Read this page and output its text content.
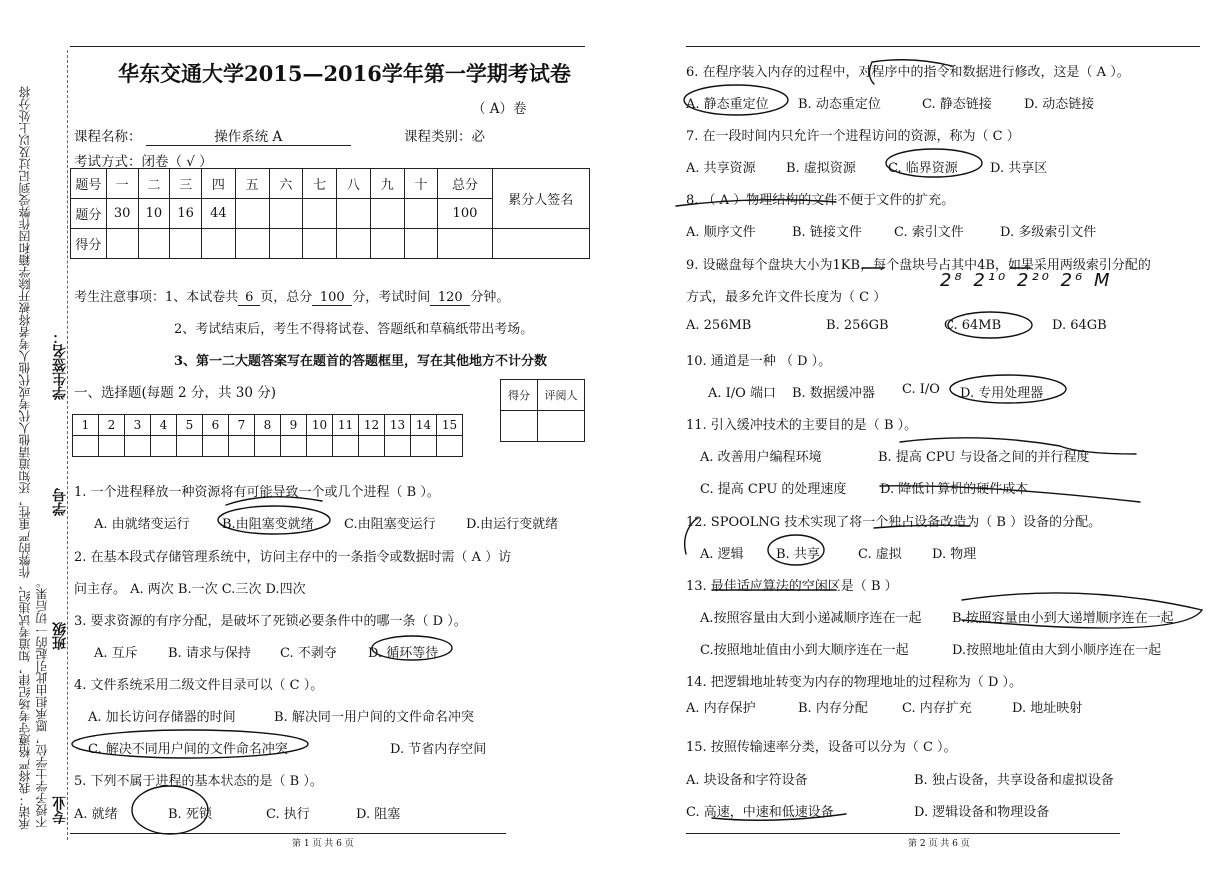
承诺：我将严格遵守考场纪律，知道考试违纪、作弊的严重性，还知道请他人代考或代他人考者将被开除学籍和因作弊受到记过及以上处分将 不授予学士学位，愿承担由此引起的一切后果。
学生签名：
学号
班级
专业
华东交通大学2015—2016学年第一学期考试卷
（ A）卷
课程名称：	操作系统 A	课程类别：必
考试方式：闭卷（ √ ）
题号	一	二	三	四	五	六	七	八	九	十	总分	累分人签名
题分	30	10	16	44							100	
得分												
考生注意事项：1、本试卷共 6 页，总分 100 分，考试时间 120 分钟。
2、考试结束后，考生不得将试卷、答题纸和草稿纸带出考场。
3、第一二大题答案写在题首的答题框里，写在其他地方不计分数
一、选择题(每题 2 分，共 30 分)	得分	评阅人

1	2	3	4	5	6	7	8	9	10	11	12	13	14	15

1. 一个进程释放一种资源将有可能导致一个或几个进程（ B ）。
A. 由就绪变运行 B.由阻塞变就绪 C.由阻塞变运行 D.由运行变就绪
2. 在基本段式存储管理系统中，访问主存中的一条指令或数据时需（ A ）访
问主存。 A. 两次 B.一次 C.三次 D.四次
3. 要求资源的有序分配，是破坏了死锁必要条件中的哪一条（ D ）。
A. 互斥 B. 请求与保持 C. 不剥夺 D. 循环等待
4. 文件系统采用二级文件目录可以（ C ）。
A. 加长访问存储器的时间	B. 解决同一用户间的文件命名冲突
C. 解决不同用户间的文件命名冲突	D. 节省内存空间
5. 下列不属于进程的基本状态的是（ B ）。
A. 就绪	B. 死锁	C. 执行	D. 阻塞
第 1 页 共 6 页
6. 在程序装入内存的过程中，对程序中的指令和数据进行修改，这是（ A ）。
A. 静态重定位 B. 动态重定位	C. 静态链接 D. 动态链接
7. 在一段时间内只允许一个进程访问的资源，称为（ C ）
A. 共享资源 B. 虚拟资源 C. 临界资源 D. 共享区
8. （ A ）物理结构的文件不便于文件的扩充。
A. 顺序文件	B. 链接文件 C. 索引文件	D. 多级索引文件
9. 设磁盘每个盘块大小为1KB，每个盘块号占其中4B，如果采用两级索引分配的
方式，最多允许文件长度为（ C ）
2⁸ 2¹⁰ 2²⁰ 2⁶ M
A. 256MB	B. 256GB	C. 64MB	D. 64GB
10. 通道是一种 （ D ）。
A. I/O 端口 B. 数据缓冲器 C. I/O D. 专用处理器
11. 引入缓冲技术的主要目的是（ B ）。
A. 改善用户编程环境	B. 提高 CPU 与设备之间的并行程度
C. 提高 CPU 的处理速度	D. 降低计算机的硬件成本
12. SPOOLNG 技术实现了将一个独占设备改造为（ B ）设备的分配。
A. 逻辑 B. 共享	C. 虚拟 D. 物理
13. 最佳适应算法的空闲区是（ B ）
A.按照容量由大到小递减顺序连在一起 B.按照容量由小到大递增顺序连在一起
C.按照地址值由小到大顺序连在一起	D.按照地址值由大到小顺序连在一起
14. 把逻辑地址转变为内存的物理地址的过程称为（ D ）。
A. 内存保护	B. 内存分配	C. 内存扩充	D. 地址映射
15. 按照传输速率分类，设备可以分为（ C ）。
A. 块设备和字符设备	B. 独占设备，共享设备和虚拟设备
C. 高速，中速和低速设备	D. 逻辑设备和物理设备
第 2 页 共 6 页
